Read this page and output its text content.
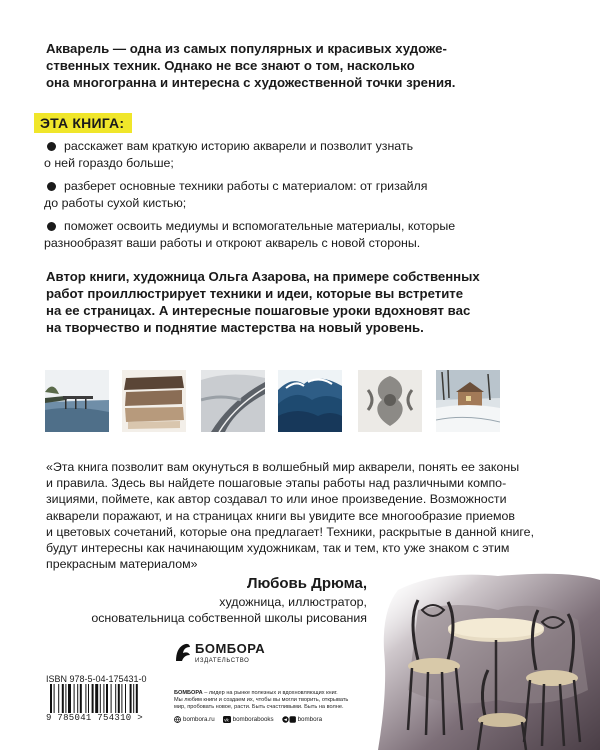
Акварель — одна из самых популярных и красивых художе-
ственных техник. Однако не все знают о том, насколько
она многогранна и интересна с художественной точки зрения.
ЭТА КНИГА:
расскажет вам краткую историю акварели и позволит узнать
о ней гораздо больше;
разберет основные техники работы с материалом: от гризайля
до работы сухой кистью;
поможет освоить медиумы и вспомогательные материалы, которые
разнообразят ваши работы и откроют акварель с новой стороны.
Автор книги, художница Ольга Азарова, на примере собственных
работ проиллюстрирует техники и идеи, которые вы встретите
на ее страницах. А интересные пошаговые уроки вдохновят вас
на творчество и поднятие мастерства на новый уровень.
«Эта книга позволит вам окунуться в волшебный мир акварели, понять ее законы
и правила. Здесь вы найдете пошаговые этапы работы над различными компо-
зициями, поймете, как автор создавал то или иное произведение. Возможности
акварели поражают, и на страницах книги вы увидите все многообразие приемов
и цветовых сочетаний, которые она предлагает! Техники, раскрытые в данной книге,
будут интересны как начинающим художникам, так и тем, кто уже знаком с этим
прекрасным материалом»
Любовь Дрюма,
художница, иллюстратор,
основательница собственной школы рисования
ISBN 978-5-04-175431-0
9 785041 754310 >
БОМБОРА
ИЗДАТЕЛЬСТВО
БОМБОРА – лидер на рынке полезных и вдохновляющих книг.
Мы любим книги и создаем их, чтобы вы могли творить, открывать
мир, пробовать новое, расти. Быть счастливыми. Быть на волне.
bombora.ru vk bomborabooks	bombora
